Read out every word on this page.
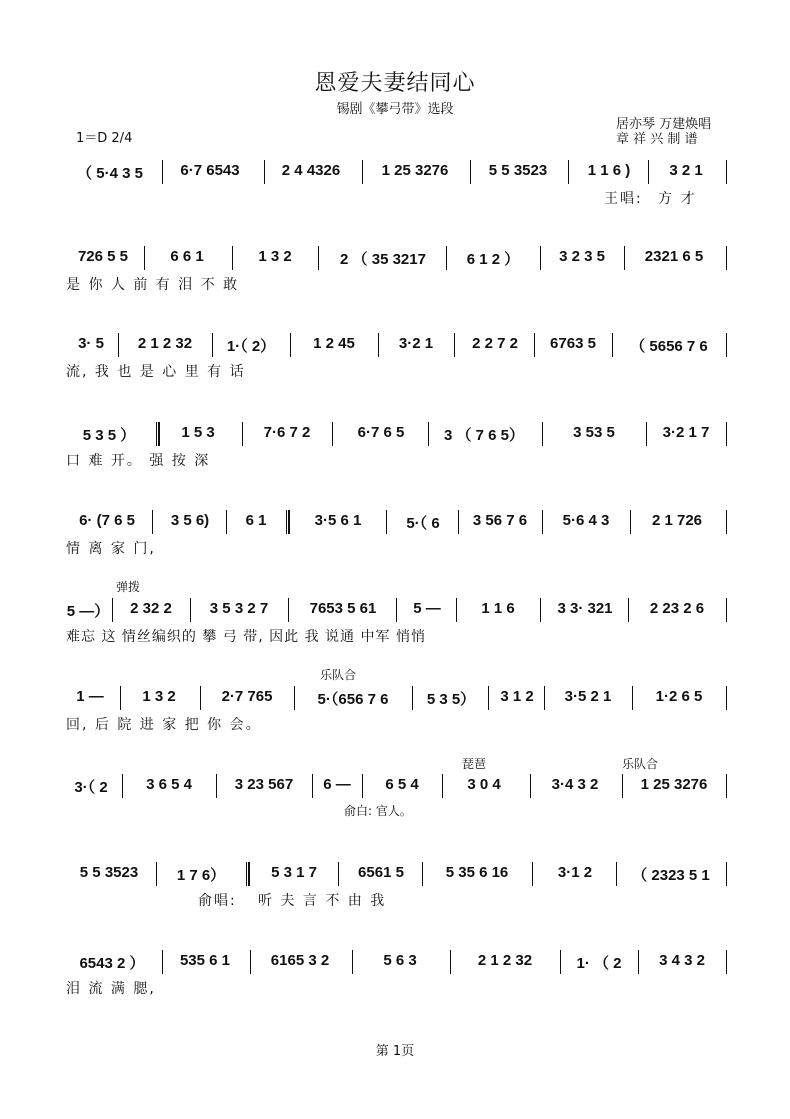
恩爱夫妻结同心
锡剧《攀弓带》选段
1＝D 2/4
居亦琴 万建焕唱
章 祥 兴 制 谱
（ 5·4 3 5	6·7 6543	2 4 4326	1 25 3276	5 5 3523	1 1 6 )	3 2 1
王唱: 方 才
726 5 5	6 6 1	1 3 2	2 （ 35 3217	6 1 2 ）	3 2 3 5	2321 6 5
是 你 人 前 有 泪 不 敢
3· 5	2 1 2 32	1·（ 2）	1 2 45	3·2 1	2 2 7 2	6763 5	（ 5656 7 6
流, 我 也 是 心 里 有 话
5 3 5 ）	1 5 3	7·6 7 2	6·7 6 5	3 （ 7 6 5）	3 53 5	3·2 1 7
口 难 开。 强 按 深
6· (7 6 5	3 5 6)	6 1	3·5 6 1	5·（ 6	3 56 7 6	5·6 4 3	2 1 726
情 离 家 门,
弹拨
5 —）	2 32 2	3 5 3 2 7	7653 5 61	5 —	1 1 6	3 3· 321	2 23 2 6
难忘 这 情丝编织的 攀 弓 带, 因此 我 说通 中军 悄悄
乐队合
1 —	1 3 2	2·7 765	5·（656 7 6	5 3 5）	3 1 2	3·5 2 1	1·2 6 5
回, 后 院 进 家 把 你 会。
琵琶	乐队合
3·（ 2	3 6 5 4	3 23 567	6 —	6 5 4	3 0 4	3·4 3 2	1 25 3276
俞白: 官人。
5 5 3523	1 7 6）	5 3 1 7	6561 5	5 35 6 16	3·1 2	（ 2323 5 1
俞唱: 听 夫 言 不 由 我
6543 2 ）	535 6 1	6165 3 2	5 6 3	2 1 2 32	1· （ 2	3 4 3 2
泪 流 满 腮,
第 1页
